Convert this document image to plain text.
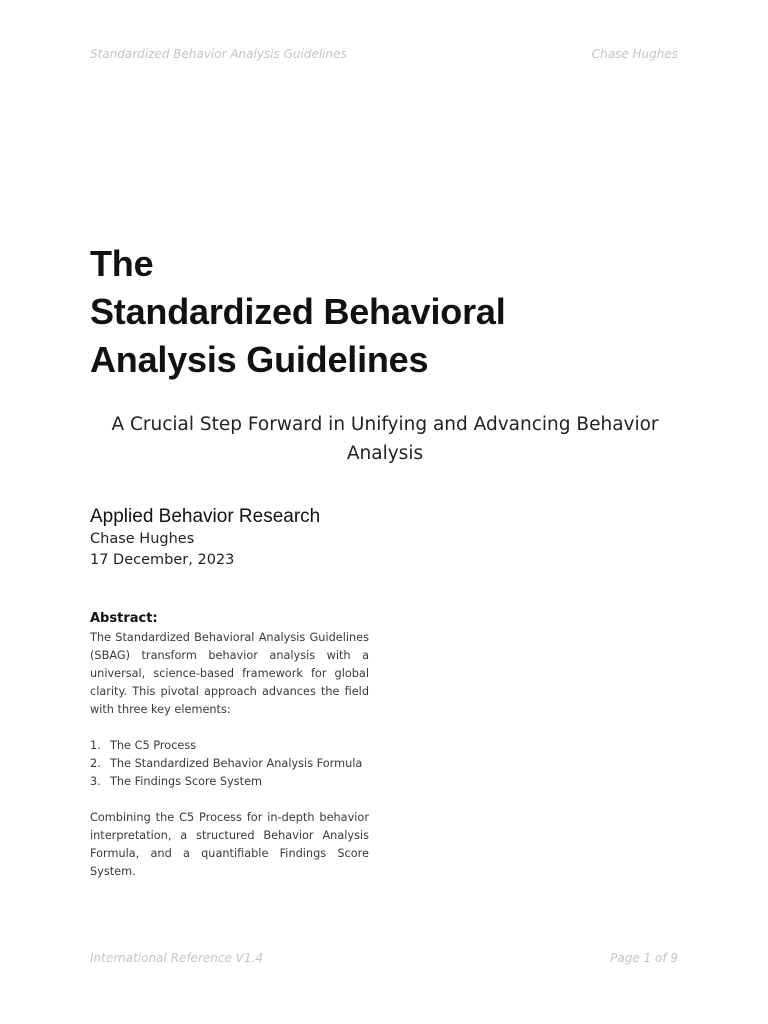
Standardized Behavior Analysis Guidelines	Chase Hughes
The
Standardized Behavioral
Analysis Guidelines
A Crucial Step Forward in Unifying and Advancing Behavior Analysis
Applied Behavior Research
Chase Hughes
17 December, 2023
Abstract:

The Standardized Behavioral Analysis Guidelines (SBAG) transform behavior analysis with a universal, science-based framework for global clarity. This pivotal approach advances the field with three key elements:

1. The C5 Process
2. The Standardized Behavior Analysis Formula
3. The Findings Score System

Combining the C5 Process for in-depth behavior interpretation, a structured Behavior Analysis Formula, and a quantifiable Findings Score System.

International Reference V1.4	Page 1 of 9
